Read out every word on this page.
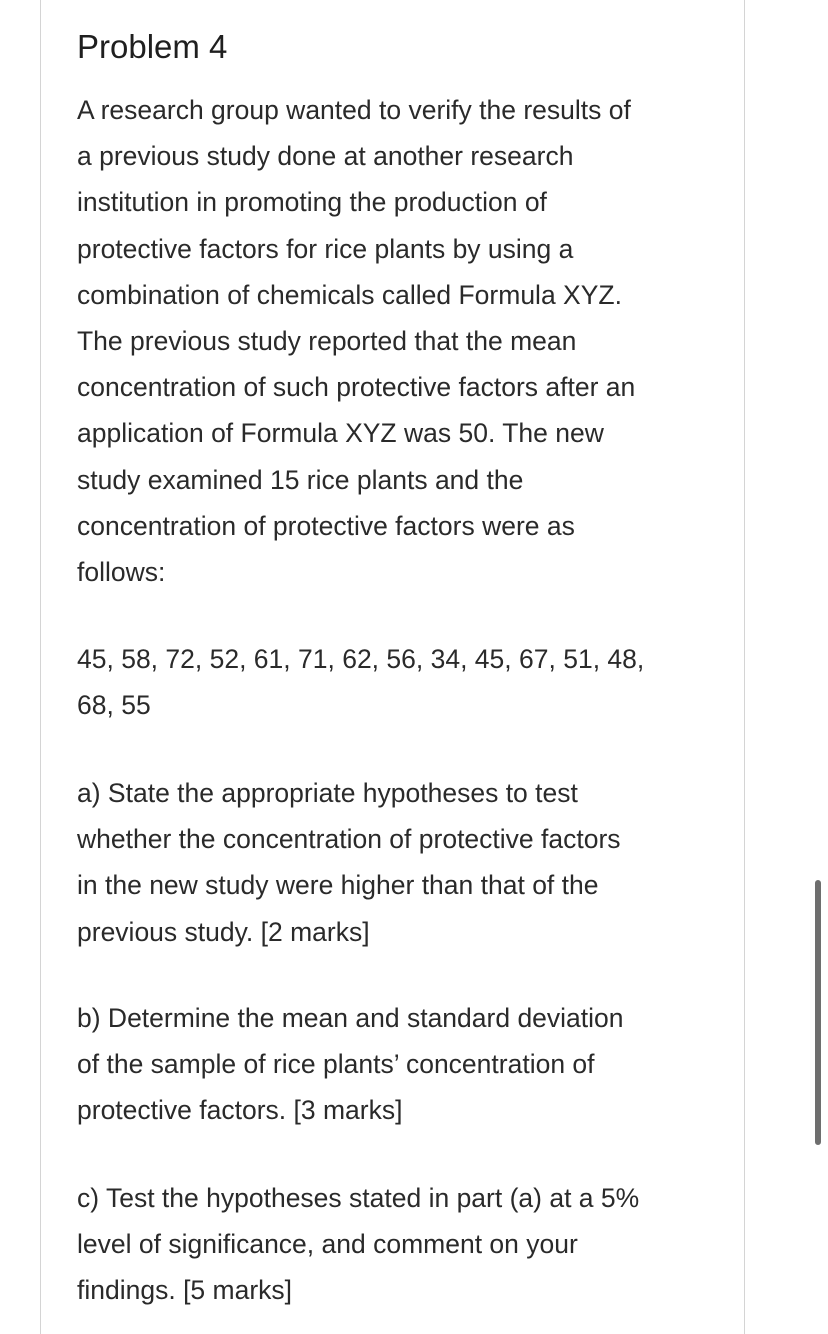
Problem 4

A research group wanted to verify the results of
a previous study done at another research
institution in promoting the production of
protective factors for rice plants by using a
combination of chemicals called Formula XYZ.
The previous study reported that the mean
concentration of such protective factors after an
application of Formula XYZ was 50. The new
study examined 15 rice plants and the
concentration of protective factors were as
follows:

45, 58, 72, 52, 61, 71, 62, 56, 34, 45, 67, 51, 48,
68, 55

a) State the appropriate hypotheses to test
whether the concentration of protective factors
in the new study were higher than that of the
previous study. [2 marks]

b) Determine the mean and standard deviation
of the sample of rice plants’ concentration of
protective factors. [3 marks]

c) Test the hypotheses stated in part (a) at a 5%
level of significance, and comment on your
findings. [5 marks]
